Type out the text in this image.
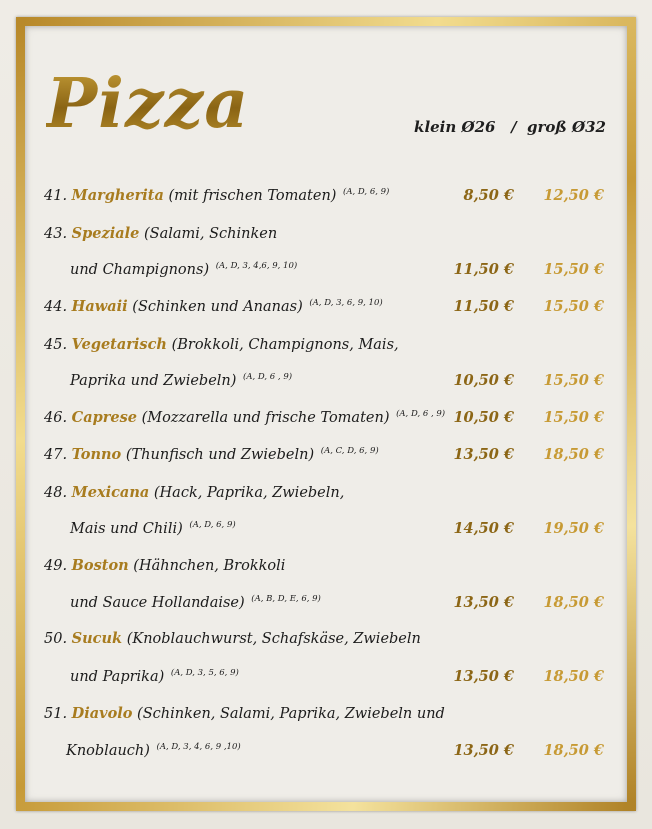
Pizza	klein Ø26   /  groß Ø32
41. Margherita (mit frischen Tomaten) $^{(A, D, 6, 9)}$	8,50 €	12,50 €
43. Speziale (Salami, Schinken
und Champignons) $^{(A, D, 3, 4,6, 9, 10)}$	11,50 €	15,50 €
44. Hawaii (Schinken und Ananas) $^{(A, D, 3, 6, 9, 10)}$	11,50 €	15,50 €
45. Vegetarisch (Brokkoli, Champignons, Mais,
Paprika und Zwiebeln) $^{(A, D, 6 , 9)}$	10,50 €	15,50 €
46. Caprese (Mozzarella und frische Tomaten) $^{(A, D, 6 , 9)}$ 10,50 €	15,50 €
47. Tonno (Thunfisch und Zwiebeln) $^{(A, C, D, 6, 9)}$	13,50 €	18,50 €
48. Mexicana (Hack, Paprika, Zwiebeln,
Mais und Chili) $^{(A, D, 6, 9)}$	14,50 €	19,50 €
49. Boston (Hähnchen, Brokkoli
und Sauce Hollandaise) $^{(A, B, D, E, 6, 9)}$	13,50 €	18,50 €
50. Sucuk (Knoblauchwurst, Schafskäse, Zwiebeln
und Paprika) $^{(A, D, 3, 5, 6, 9)}$	13,50 €	18,50 €
51. Diavolo (Schinken, Salami, Paprika, Zwiebeln und
Knoblauch) $^{(A, D, 3, 4, 6, 9 ,10)}$	13,50 €	18,50 €
